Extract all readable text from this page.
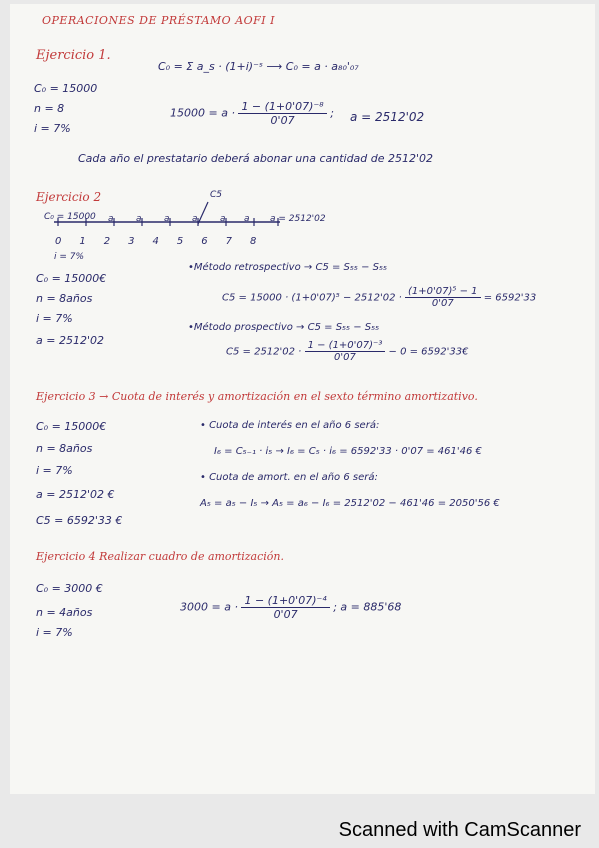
OPERACIONES DE PRÉSTAMO AOFI I
Ejercicio 1.
C₀ = 15000
n = 8
i = 7%
C₀ = Σ a_s · (1+i)⁻ˢ ⟶ C₀ = a · a₈₀'₀₇
$15000 = a \cdot \frac{\text{1 − (1+0'07)⁻⁸}}{0'07}$ ; a = 2512'02
Cada año el prestatario deberá abonar una cantidad de 2512'02
Ejercicio 2
C₀ = 15000 a a a a a a
C5
a = 2512'02
012345678
i = 7%
C₀ = 15000€
n = 8años
i = 7%
a = 2512'02
•Método retrospectivo → C5 = S₅₅ − S₅₅
$C5 = 15000 \cdot (1+0'07)^5 - 2512'02 \cdot \frac{\text{(1+0'07)⁵ − 1}}{0'07} = 6592'33$
•Método prospectivo → C5 = S₅₅ − S₅₅
$C5 = 2512'02 \cdot \frac{\text{1 − (1+0'07)⁻³}}{0'07} - 0$ = 6592'33€
Ejercicio 3 → Cuota de interés y amortización en el sexto término amortizativo.
C₀ = 15000€
n = 8años
i = 7%
a = 2512'02 €
C5 = 6592'33 €
• Cuota de interés en el año 6 será:
I₆ = C₅₋₁ · i₅ → I₆ = C₅ · i₆ = 6592'33 · 0'07 = 461'46 €
• Cuota de amort. en el año 6 será:
A₅ = a₅ − I₅ → A₅ = a₆ − I₆ = 2512'02 − 461'46 = 2050'56 €
Ejercicio 4 Realizar cuadro de amortización.
C₀ = 3000 €
n = 4años
i = 7%
$3000 = a \cdot \frac{\text{1 − (1+0'07)⁻⁴}}{0'07}$ ; a = 885'68
Scanned with CamScanner
